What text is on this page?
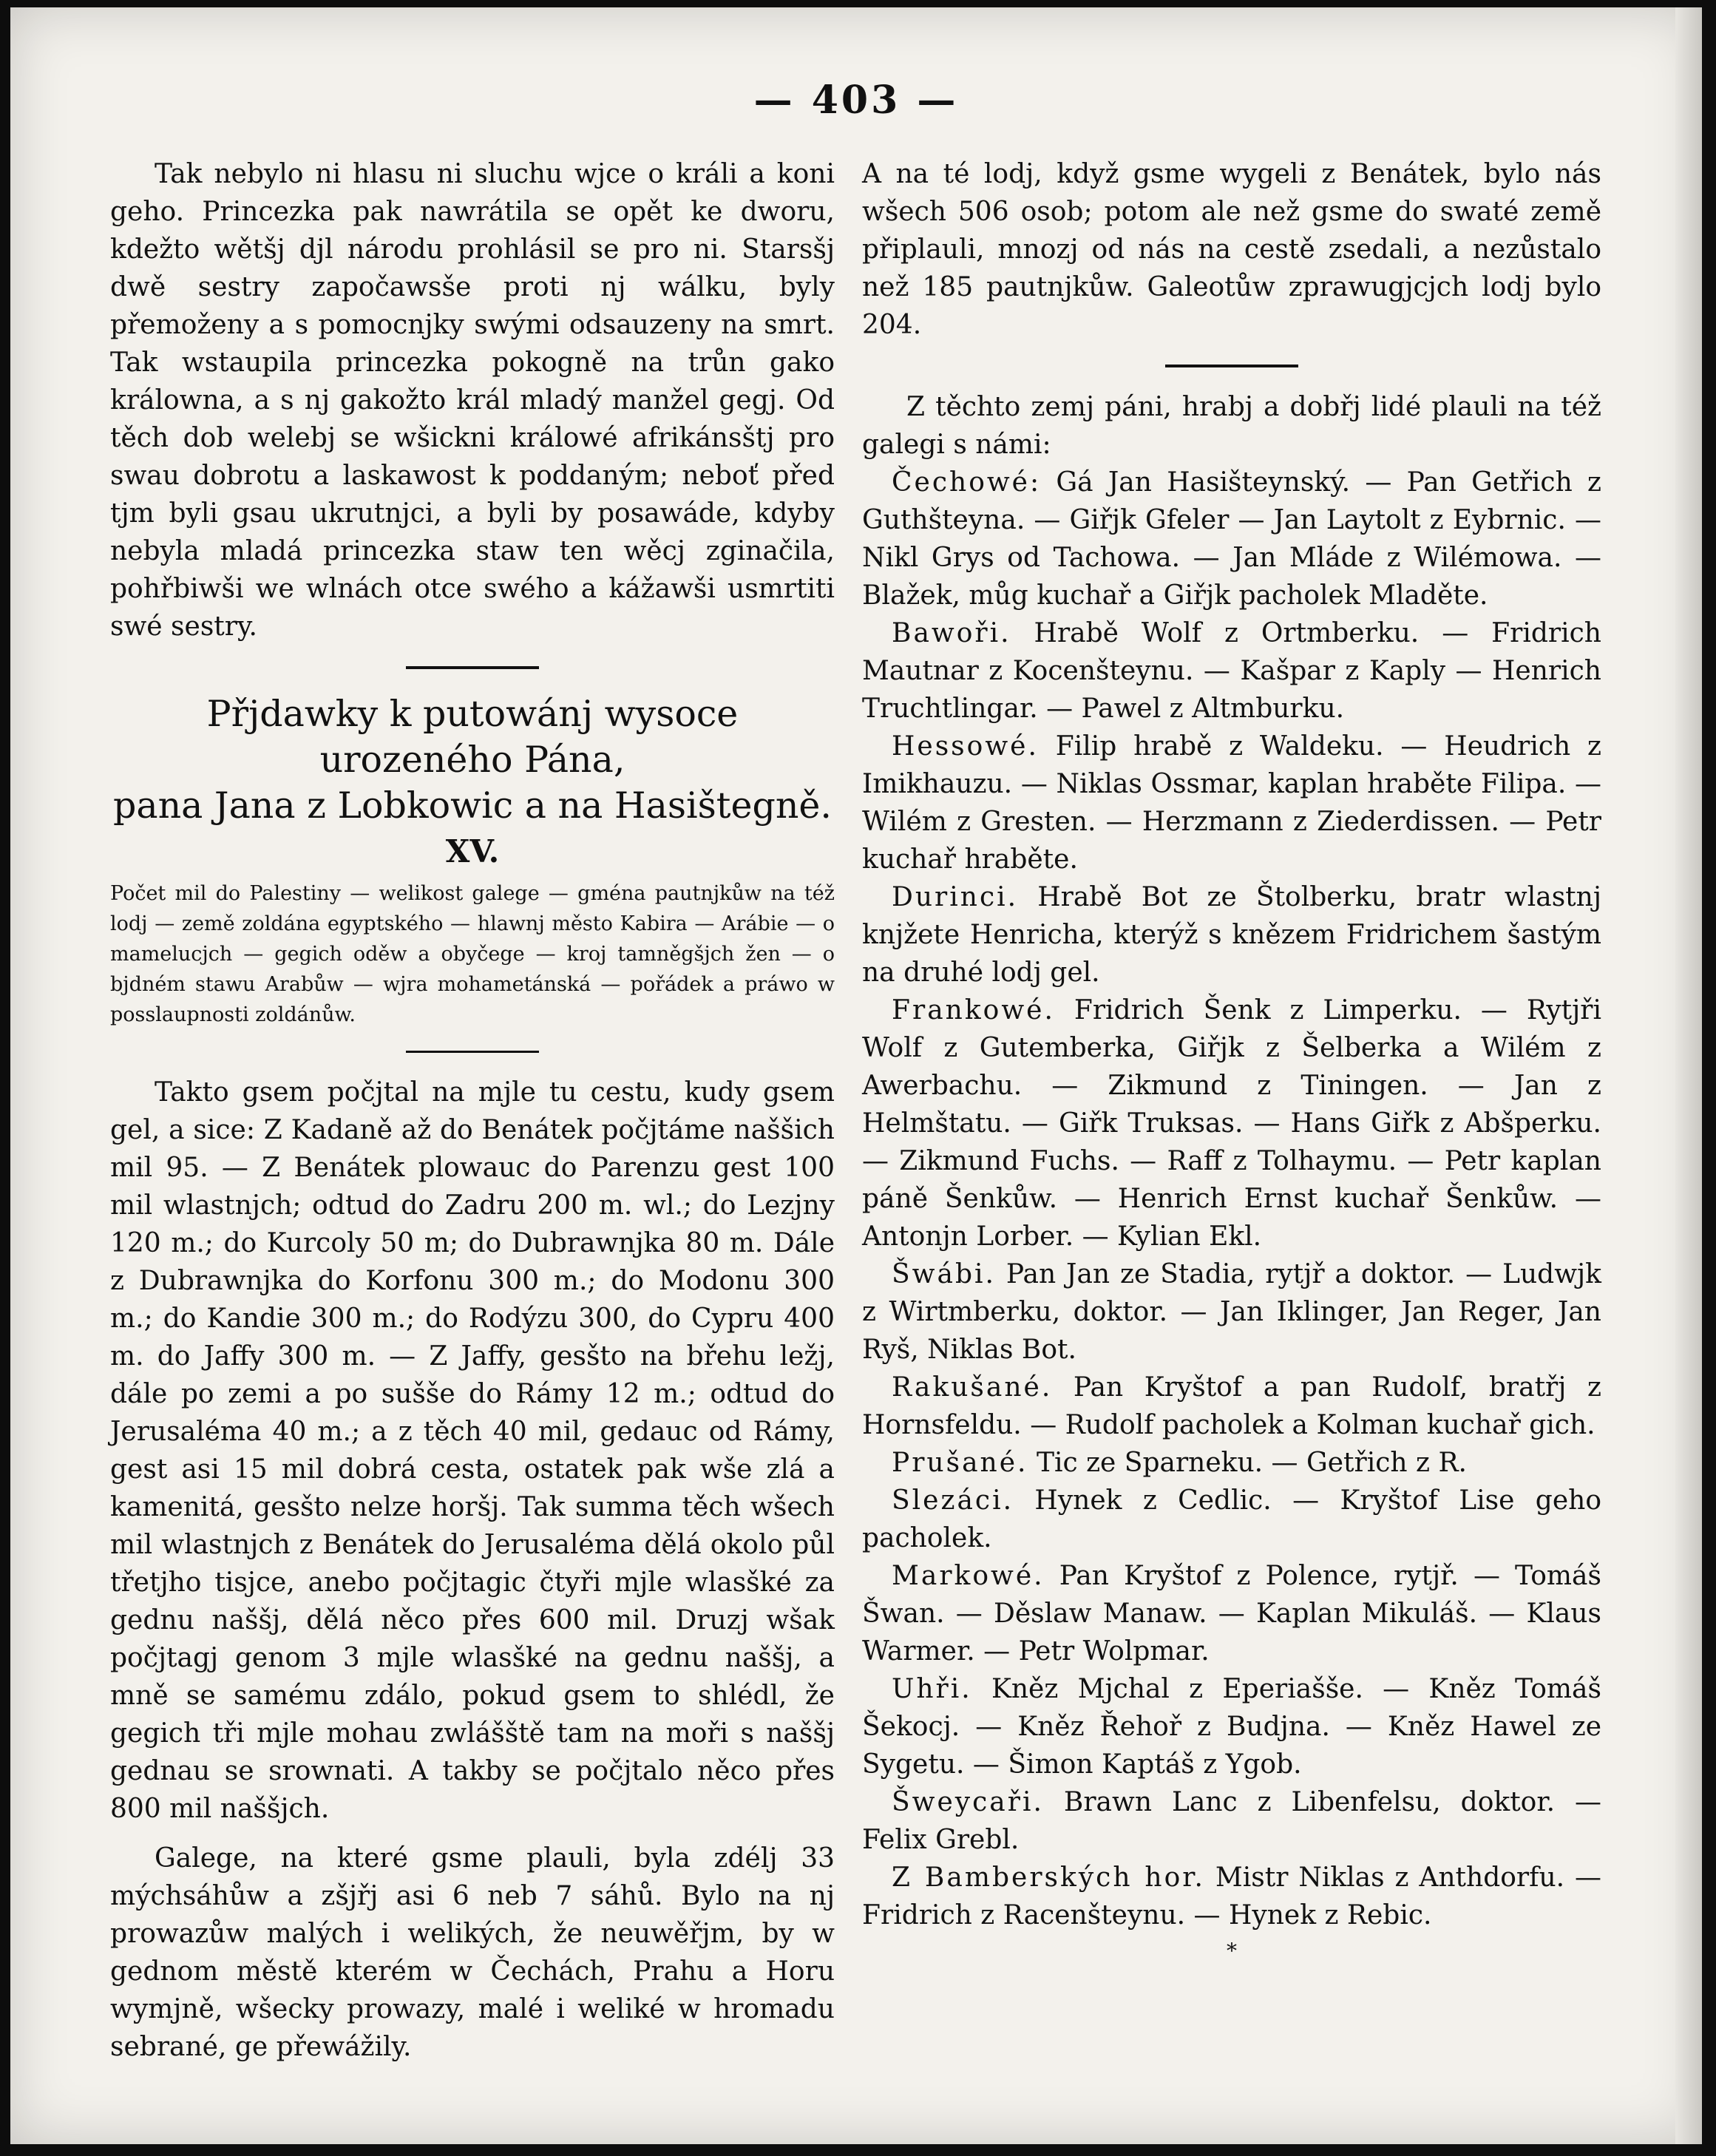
— 403 —

Tak nebylo ni hlasu ni sluchu wjce o králi a koni geho. Princezka pak nawrátila se opět ke dworu, kdežto wětšj djl národu prohlásil se pro ni. Starsšj dwě sestry započawsše proti nj wálku, byly přemoženy a s pomocnjky swými odsauzeny na smrt. Tak wstaupila princezka pokogně na trůn gako králowna, a s nj gakožto král mladý manžel gegj. Od těch dob welebj se wšickni králowé afrikánsštj pro swau dobrotu a laskawost k poddaným; neboť před tjm byli gsau ukrutnjci, a byli by posawáde, kdyby nebyla mladá princezka staw ten wěcj zginačila, pohřbiwši we wlnách otce swého a kážawši usmrtiti swé sestry.

Přjdawky k putowánj wysoce urozeného Pána,
pana Jana z Lobkowic a na Hasištegně.
XV.

Počet mil do Palestiny — welikost galege — gména pautnjkůw na též lodj — země zoldána egyptského — hlawnj město Kabira — Arábie — o mamelucjch — gegich oděw a obyčege — kroj tamněgšjch žen — o bjdném stawu Arabůw — wjra mohametánská — pořádek a práwo w posslaupnosti zoldánůw.

Takto gsem počjtal na mjle tu cestu, kudy gsem gel, a sice: Z Kadaně až do Benátek počjtáme naššich mil 95. — Z Benátek plowauc do Parenzu gest 100 mil wlastnjch; odtud do Zadru 200 m. wl.; do Lezjny 120 m.; do Kurcoly 50 m; do Dubrawnjka 80 m. Dále z Dubrawnjka do Korfonu 300 m.; do Modonu 300 m.; do Kandie 300 m.; do Rodýzu 300, do Cypru 400 m. do Jaffy 300 m. — Z Jaffy, gesšto na břehu ležj, dále po zemi a po sušše do Rámy 12 m.; odtud do Jerusaléma 40 m.; a z těch 40 mil, gedauc od Rámy, gest asi 15 mil dobrá cesta, ostatek pak wše zlá a kamenitá, gesšto nelze horšj. Tak summa těch wšech mil wlastnjch z Benátek do Jerusaléma dělá okolo půl třetjho tisjce, anebo počjtagic čtyři mjle wlasšké za gednu naššj, dělá něco přes 600 mil. Druzj wšak počjtagj genom 3 mjle wlasšké na gednu naššj, a mně se samému zdálo, pokud gsem to shlédl, že gegich tři mjle mohau zwlášště tam na moři s naššj gednau se srownati. A takby se počjtalo něco přes 800 mil naššjch.

Galege, na které gsme plauli, byla zdélj 33 mýchsáhůw a zšjřj asi 6 neb 7 sáhů. Bylo na nj prowazůw malých i welikých, že neuwěřjm, by w gednom městě kterém w Čechách, Prahu a Horu wymjně, wšecky prowazy, malé i weliké w hromadu sebrané, ge přewážily.

A na té lodj, když gsme wygeli z Benátek, bylo nás wšech 506 osob; potom ale než gsme do swaté země připlauli, mnozj od nás na cestě zsedali, a nezůstalo než 185 pautnjkůw. Galeotůw zprawugjcjch lodj bylo 204.

Z těchto zemj páni, hrabj a dobřj lidé plauli na též galegi s námi:

Čechowé: Gá Jan Hasišteynský. — Pan Getřich z Guthšteyna. — Giřjk Gfeler — Jan Laytolt z Eybrnic. — Nikl Grys od Tachowa. — Jan Mláde z Wilémowa. — Blažek, můg kuchař a Giřjk pacholek Mladěte.

Bawoři. Hrabě Wolf z Ortmberku. — Fridrich Mautnar z Kocenšteynu. — Kašpar z Kaply — Henrich Truchtlingar. — Pawel z Altmburku.

Hessowé. Filip hrabě z Waldeku. — Heudrich z Imikhauzu. — Niklas Ossmar, kaplan hraběte Filipa. — Wilém z Gresten. — Herzmann z Ziederdissen. — Petr kuchař hraběte.

Durinci. Hrabě Bot ze Štolberku, bratr wlastnj knjžete Henricha, kterýž s knězem Fridrichem šastým na druhé lodj gel.

Frankowé. Fridrich Šenk z Limperku. — Rytjři Wolf z Gutemberka, Giřjk z Šelberka a Wilém z Awerbachu. — Zikmund z Tiningen. — Jan z Helmštatu. — Giřk Truksas. — Hans Giřk z Abšperku. — Zikmund Fuchs. — Raff z Tolhaymu. — Petr kaplan páně Šenkůw. — Henrich Ernst kuchař Šenkůw. — Antonjn Lorber. — Kylian Ekl.

Šwábi. Pan Jan ze Stadia, rytjř a doktor. — Ludwjk z Wirtmberku, doktor. — Jan Iklinger, Jan Reger, Jan Ryš, Niklas Bot.

Rakušané. Pan Kryštof a pan Rudolf, bratřj z Hornsfeldu. — Rudolf pacholek a Kolman kuchař gich.

Prušané. Tic ze Sparneku. — Getřich z R.

Slezáci. Hynek z Cedlic. — Kryštof Lise geho pacholek.

Markowé. Pan Kryštof z Polence, rytjř. — Tomáš Šwan. — Děslaw Manaw. — Kaplan Mikuláš. — Klaus Warmer. — Petr Wolpmar.

Uhři. Kněz Mjchal z Eperiašše. — Kněz Tomáš Šekocj. — Kněz Řehoř z Budjna. — Kněz Hawel ze Sygetu. — Šimon Kaptáš z Ygob.

Šweycaři. Brawn Lanc z Libenfelsu, doktor. — Felix Grebl.

Z Bamberských hor. Mistr Niklas z Anthdorfu. — Fridrich z Racenšteynu. — Hynek z Rebic.

*
